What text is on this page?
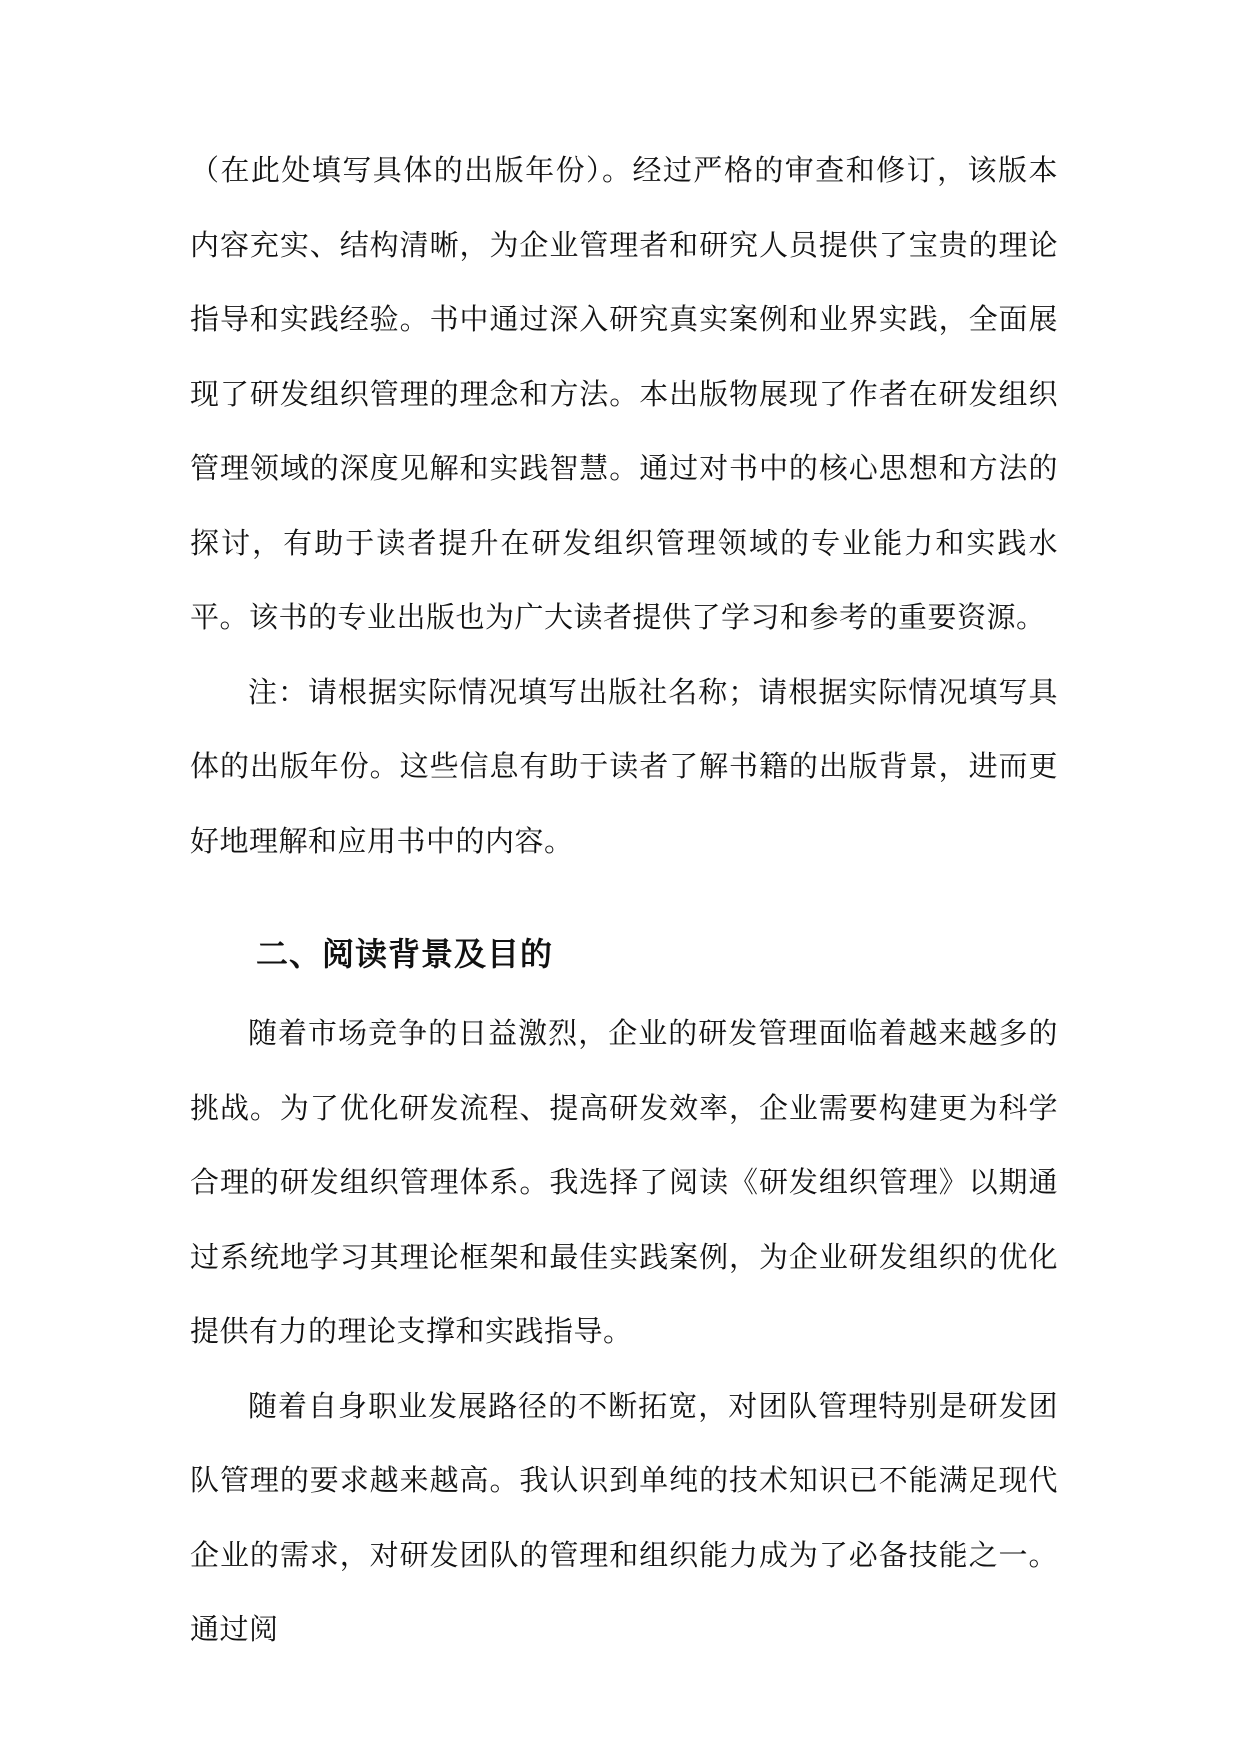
（在此处填写具体的出版年份）。经过严格的审查和修订，该版本内容充实、结构清晰，为企业管理者和研究人员提供了宝贵的理论指导和实践经验。书中通过深入研究真实案例和业界实践，全面展现了研发组织管理的理念和方法。本出版物展现了作者在研发组织管理领域的深度见解和实践智慧。通过对书中的核心思想和方法的探讨，有助于读者提升在研发组织管理领域的专业能力和实践水平。该书的专业出版也为广大读者提供了学习和参考的重要资源。

注：请根据实际情况填写出版社名称；请根据实际情况填写具体的出版年份。这些信息有助于读者了解书籍的出版背景，进而更好地理解和应用书中的内容。

二、阅读背景及目的

随着市场竞争的日益激烈，企业的研发管理面临着越来越多的挑战。为了优化研发流程、提高研发效率，企业需要构建更为科学合理的研发组织管理体系。我选择了阅读《研发组织管理》以期通过系统地学习其理论框架和最佳实践案例，为企业研发组织的优化提供有力的理论支撑和实践指导。

随着自身职业发展路径的不断拓宽，对团队管理特别是研发团队管理的要求越来越高。我认识到单纯的技术知识已不能满足现代企业的需求，对研发团队的管理和组织能力成为了必备技能之一。通过阅
